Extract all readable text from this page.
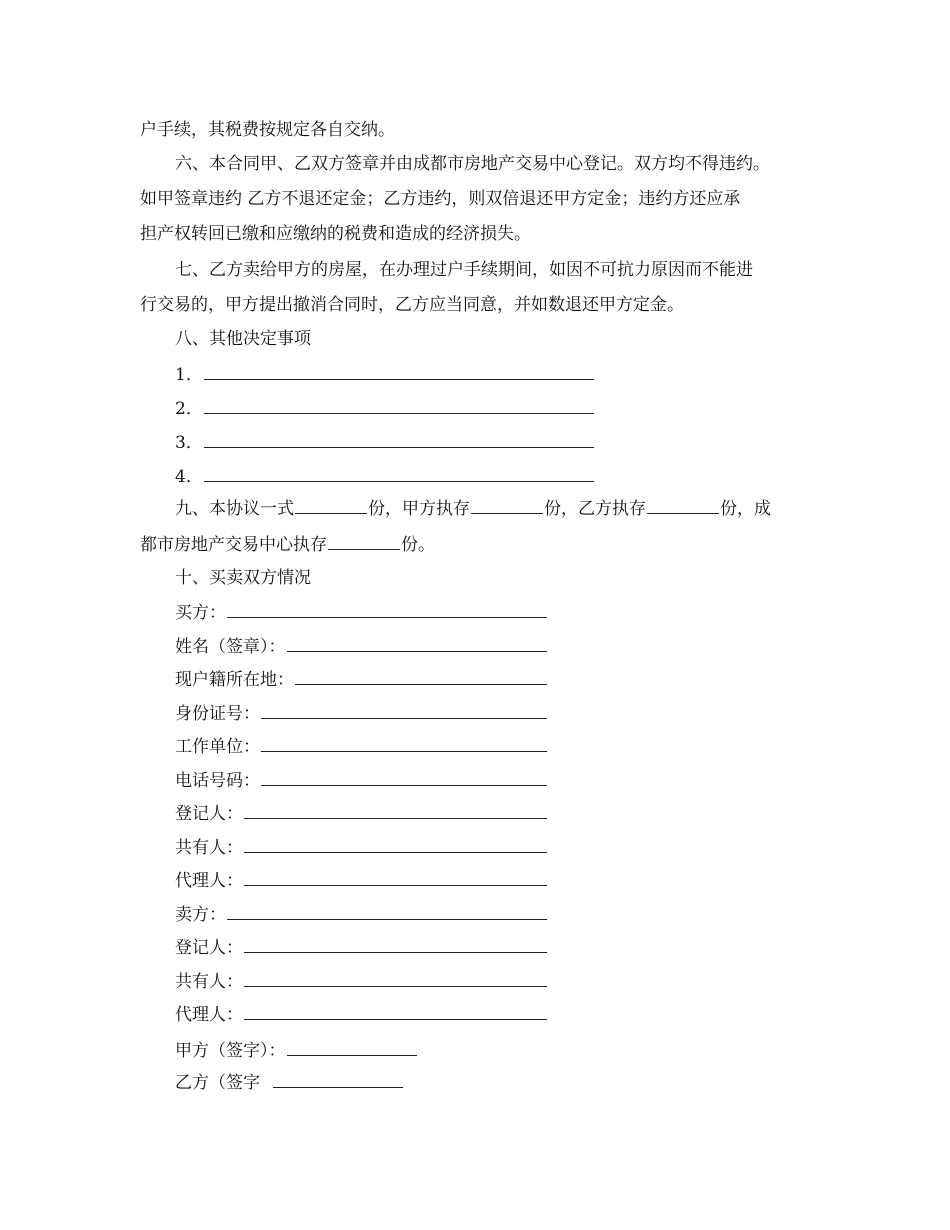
户手续，其税费按规定各自交纳。
六、本合同甲、乙双方签章并由成都市房地产交易中心登记。双方均不得违约。
如甲签章违约 乙方不退还定金；乙方违约，则双倍退还甲方定金；违约方还应承
担产权转回已缴和应缴纳的税费和造成的经济损失。
七、乙方卖给甲方的房屋，在办理过户手续期间，如因不可抗力原因而不能进
行交易的，甲方提出撤消合同时，乙方应当同意，并如数退还甲方定金。
八、其他决定事项
1．
2．
3．
4．
九、本协议一式	份，甲方执存	份，乙方执存	份，成
都市房地产交易中心执存	份。
十、买卖双方情况
买方：
姓名（签章）：
现户籍所在地：
身份证号：
工作单位：
电话号码：
登记人：
共有人：
代理人：
卖方：
登记人：
共有人：
代理人：
甲方（签字）：
乙方（签字
